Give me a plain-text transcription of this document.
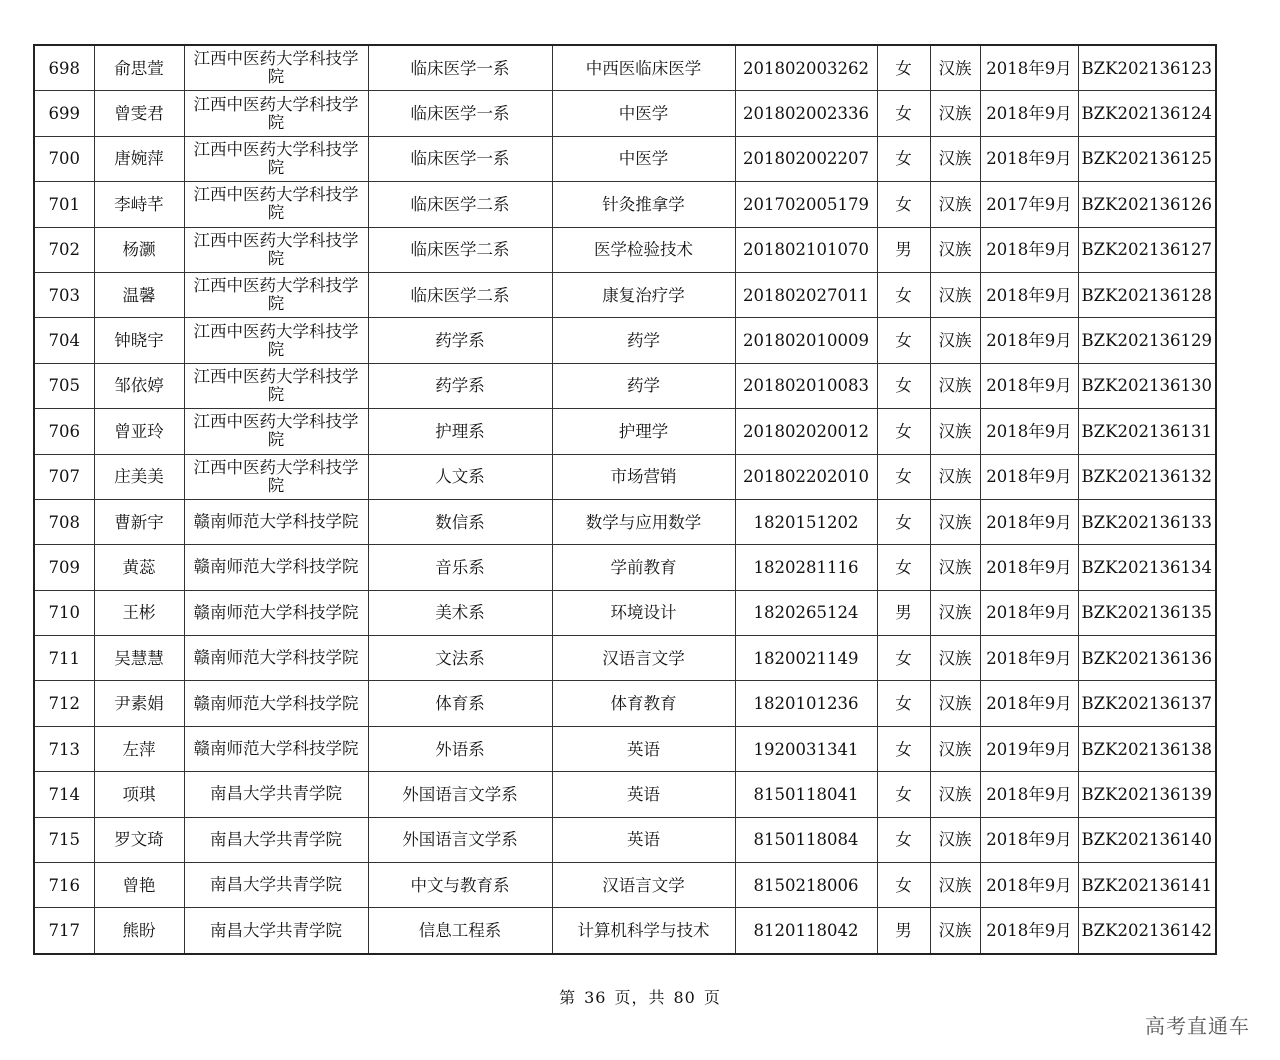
698	俞思萱	江西中医药大学科技学院	临床医学一系	中西医临床医学	201802003262	女	汉族	2018年9月	BZK202136123
699	曾雯君	江西中医药大学科技学院	临床医学一系	中医学	201802002336	女	汉族	2018年9月	BZK202136124
700	唐婉萍	江西中医药大学科技学院	临床医学一系	中医学	201802002207	女	汉族	2018年9月	BZK202136125
701	李峙芊	江西中医药大学科技学院	临床医学二系	针灸推拿学	201702005179	女	汉族	2017年9月	BZK202136126
702	杨灏	江西中医药大学科技学院	临床医学二系	医学检验技术	201802101070	男	汉族	2018年9月	BZK202136127
703	温馨	江西中医药大学科技学院	临床医学二系	康复治疗学	201802027011	女	汉族	2018年9月	BZK202136128
704	钟晓宇	江西中医药大学科技学院	药学系	药学	201802010009	女	汉族	2018年9月	BZK202136129
705	邹依婷	江西中医药大学科技学院	药学系	药学	201802010083	女	汉族	2018年9月	BZK202136130
706	曾亚玲	江西中医药大学科技学院	护理系	护理学	201802020012	女	汉族	2018年9月	BZK202136131
707	庄美美	江西中医药大学科技学院	人文系	市场营销	201802202010	女	汉族	2018年9月	BZK202136132
708	曹新宇	赣南师范大学科技学院	数信系	数学与应用数学	1820151202	女	汉族	2018年9月	BZK202136133
709	黄蕊	赣南师范大学科技学院	音乐系	学前教育	1820281116	女	汉族	2018年9月	BZK202136134
710	王彬	赣南师范大学科技学院	美术系	环境设计	1820265124	男	汉族	2018年9月	BZK202136135
711	吴慧慧	赣南师范大学科技学院	文法系	汉语言文学	1820021149	女	汉族	2018年9月	BZK202136136
712	尹素娟	赣南师范大学科技学院	体育系	体育教育	1820101236	女	汉族	2018年9月	BZK202136137
713	左萍	赣南师范大学科技学院	外语系	英语	1920031341	女	汉族	2019年9月	BZK202136138
714	项琪	南昌大学共青学院	外国语言文学系	英语	8150118041	女	汉族	2018年9月	BZK202136139
715	罗文琦	南昌大学共青学院	外国语言文学系	英语	8150118084	女	汉族	2018年9月	BZK202136140
716	曾艳	南昌大学共青学院	中文与教育系	汉语言文学	8150218006	女	汉族	2018年9月	BZK202136141
717	熊盼	南昌大学共青学院	信息工程系	计算机科学与技术	8120118042	男	汉族	2018年9月	BZK202136142
第 36 页，共 80 页
高考直通车
